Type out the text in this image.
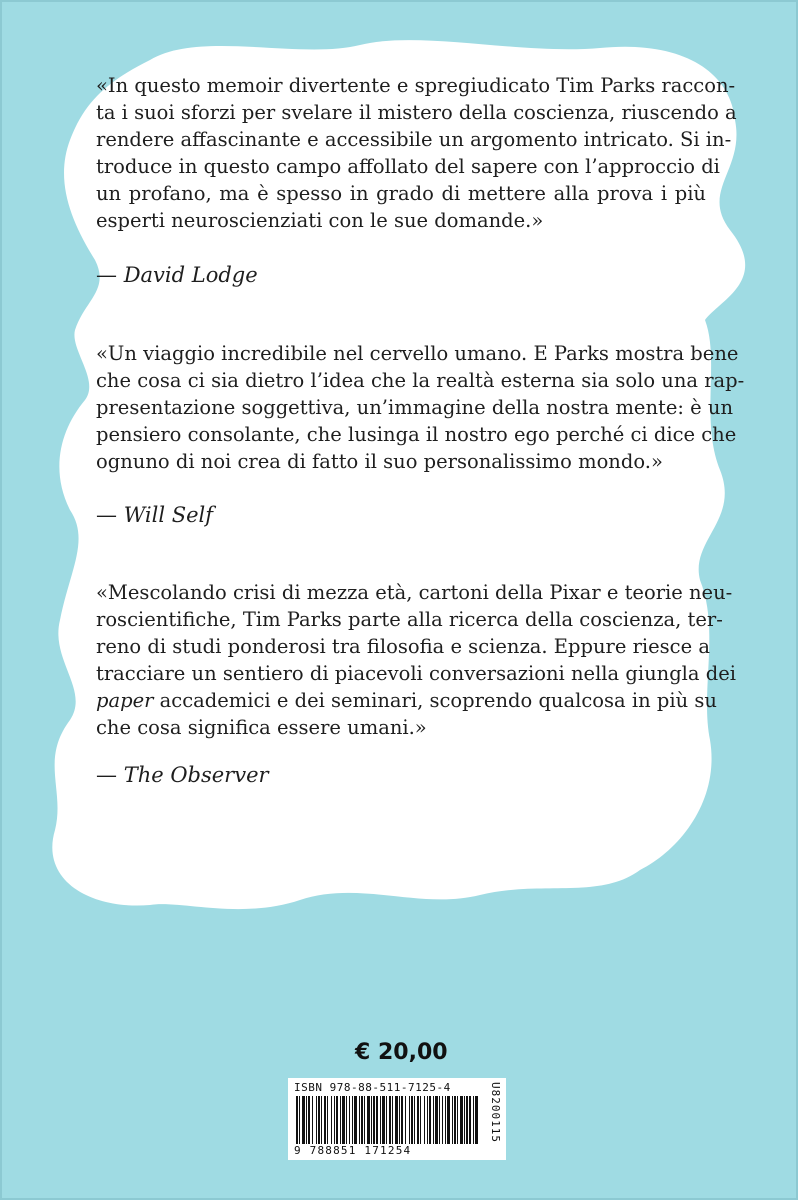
«In questo memoir divertente e spregiudicato Tim Parks raccon-
ta i suoi sforzi per svelare il mistero della coscienza, riuscendo a
rendere affascinante e accessibile un argomento intricato. Si in-
troduce in questo campo affollato del sapere con l’approccio di
un profano, ma è spesso in grado di mettere alla prova i più
esperti neuroscienziati con le sue domande.»
— David Lodge
«Un viaggio incredibile nel cervello umano. E Parks mostra bene
che cosa ci sia dietro l’idea che la realtà esterna sia solo una rap-
presentazione soggettiva, un’immagine della nostra mente: è un
pensiero consolante, che lusinga il nostro ego perché ci dice che
ognuno di noi crea di fatto il suo personalissimo mondo.»
— Will Self
«Mescolando crisi di mezza età, cartoni della Pixar e teorie neu-
roscientifiche, Tim Parks parte alla ricerca della coscienza, ter-
reno di studi ponderosi tra filosofia e scienza. Eppure riesce a
tracciare un sentiero di piacevoli conversazioni nella giungla dei
paper accademici e dei seminari, scoprendo qualcosa in più su
che cosa significa essere umani.»
— The Observer
€ 20,00
ISBN 978-88-511-7125-4
9 788851 171254
U8200115
